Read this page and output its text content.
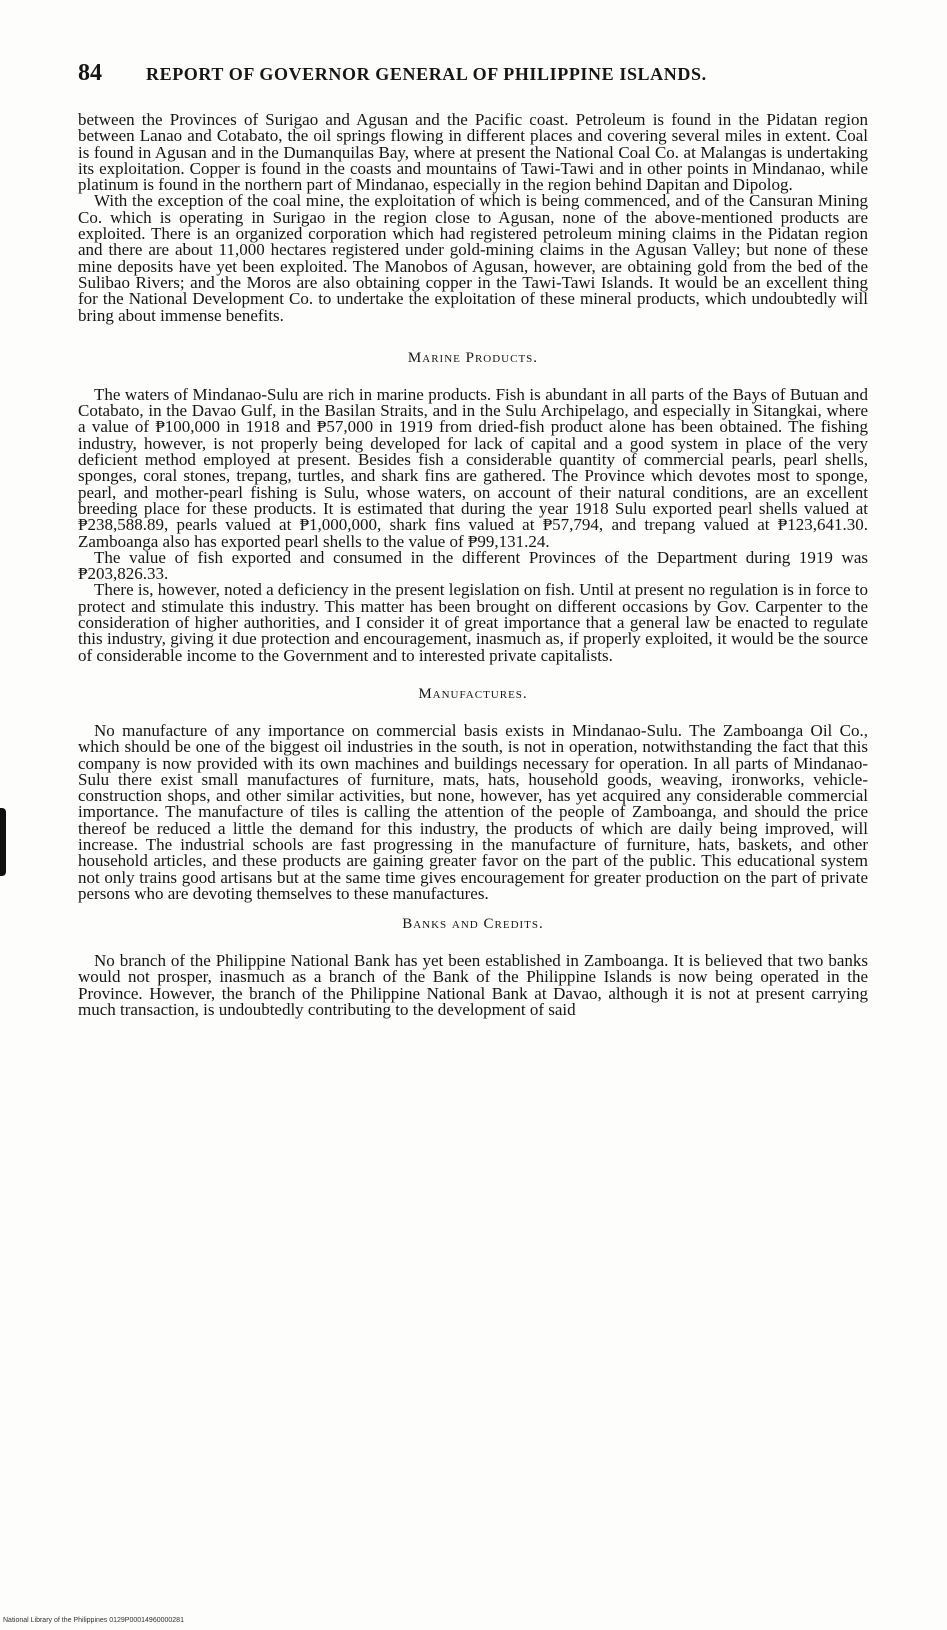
84	REPORT OF GOVERNOR GENERAL OF PHILIPPINE ISLANDS.

between the Provinces of Surigao and Agusan and the Pacific coast. Petroleum is found in the Pidatan region between Lanao and Cotabato, the oil springs flowing in different places and covering several miles in extent. Coal is found in Agusan and in the Dumanquilas Bay, where at present the National Coal Co. at Malangas is undertaking its exploitation. Copper is found in the coasts and mountains of Tawi-Tawi and in other points in Mindanao, while platinum is found in the northern part of Mindanao, especially in the region behind Dapitan and Dipolog.

With the exception of the coal mine, the exploitation of which is being commenced, and of the Cansuran Mining Co. which is operating in Surigao in the region close to Agusan, none of the above-mentioned products are exploited. There is an organized corporation which had registered petroleum mining claims in the Pidatan region and there are about 11,000 hectares registered under gold-mining claims in the Agusan Valley; but none of these mine deposits have yet been exploited. The Manobos of Agusan, however, are obtaining gold from the bed of the Sulibao Rivers; and the Moros are also obtaining copper in the Tawi-Tawi Islands. It would be an excellent thing for the National Development Co. to undertake the exploitation of these mineral products, which undoubtedly will bring about immense benefits.

Marine Products.

The waters of Mindanao-Sulu are rich in marine products. Fish is abundant in all parts of the Bays of Butuan and Cotabato, in the Davao Gulf, in the Basilan Straits, and in the Sulu Archipelago, and especially in Sitangkai, where a value of ₱100,000 in 1918 and ₱57,000 in 1919 from dried-fish product alone has been obtained. The fishing industry, however, is not properly being developed for lack of capital and a good system in place of the very deficient method employed at present. Besides fish a considerable quantity of commercial pearls, pearl shells, sponges, coral stones, trepang, turtles, and shark fins are gathered. The Province which devotes most to sponge, pearl, and mother-pearl fishing is Sulu, whose waters, on account of their natural conditions, are an excellent breeding place for these products. It is estimated that during the year 1918 Sulu exported pearl shells valued at ₱238,588.89, pearls valued at ₱1,000,000, shark fins valued at ₱57,794, and trepang valued at ₱123,641.30. Zamboanga also has exported pearl shells to the value of ₱99,131.24.

The value of fish exported and consumed in the different Provinces of the Department during 1919 was ₱203,826.33.

There is, however, noted a deficiency in the present legislation on fish. Until at present no regulation is in force to protect and stimulate this industry. This matter has been brought on different occasions by Gov. Carpenter to the consideration of higher authorities, and I consider it of great importance that a general law be enacted to regulate this industry, giving it due protection and encouragement, inasmuch as, if properly exploited, it would be the source of considerable income to the Government and to interested private capitalists.

Manufactures.

No manufacture of any importance on commercial basis exists in Mindanao-Sulu. The Zamboanga Oil Co., which should be one of the biggest oil industries in the south, is not in operation, notwithstanding the fact that this company is now provided with its own machines and buildings necessary for operation. In all parts of Mindanao-Sulu there exist small manufactures of furniture, mats, hats, household goods, weaving, ironworks, vehicle-construction shops, and other similar activities, but none, however, has yet acquired any considerable commercial importance. The manufacture of tiles is calling the attention of the people of Zamboanga, and should the price thereof be reduced a little the demand for this industry, the products of which are daily being improved, will increase. The industrial schools are fast progressing in the manufacture of furniture, hats, baskets, and other household articles, and these products are gaining greater favor on the part of the public. This educational system not only trains good artisans but at the same time gives encouragement for greater production on the part of private persons who are devoting themselves to these manufactures.

Banks and Credits.

No branch of the Philippine National Bank has yet been established in Zamboanga. It is believed that two banks would not prosper, inasmuch as a branch of the Bank of the Philippine Islands is now being operated in the Province. However, the branch of the Philippine National Bank at Davao, although it is not at present carrying much transaction, is undoubtedly contributing to the development of said

National Library of the Philippines 0129P00014960000281
